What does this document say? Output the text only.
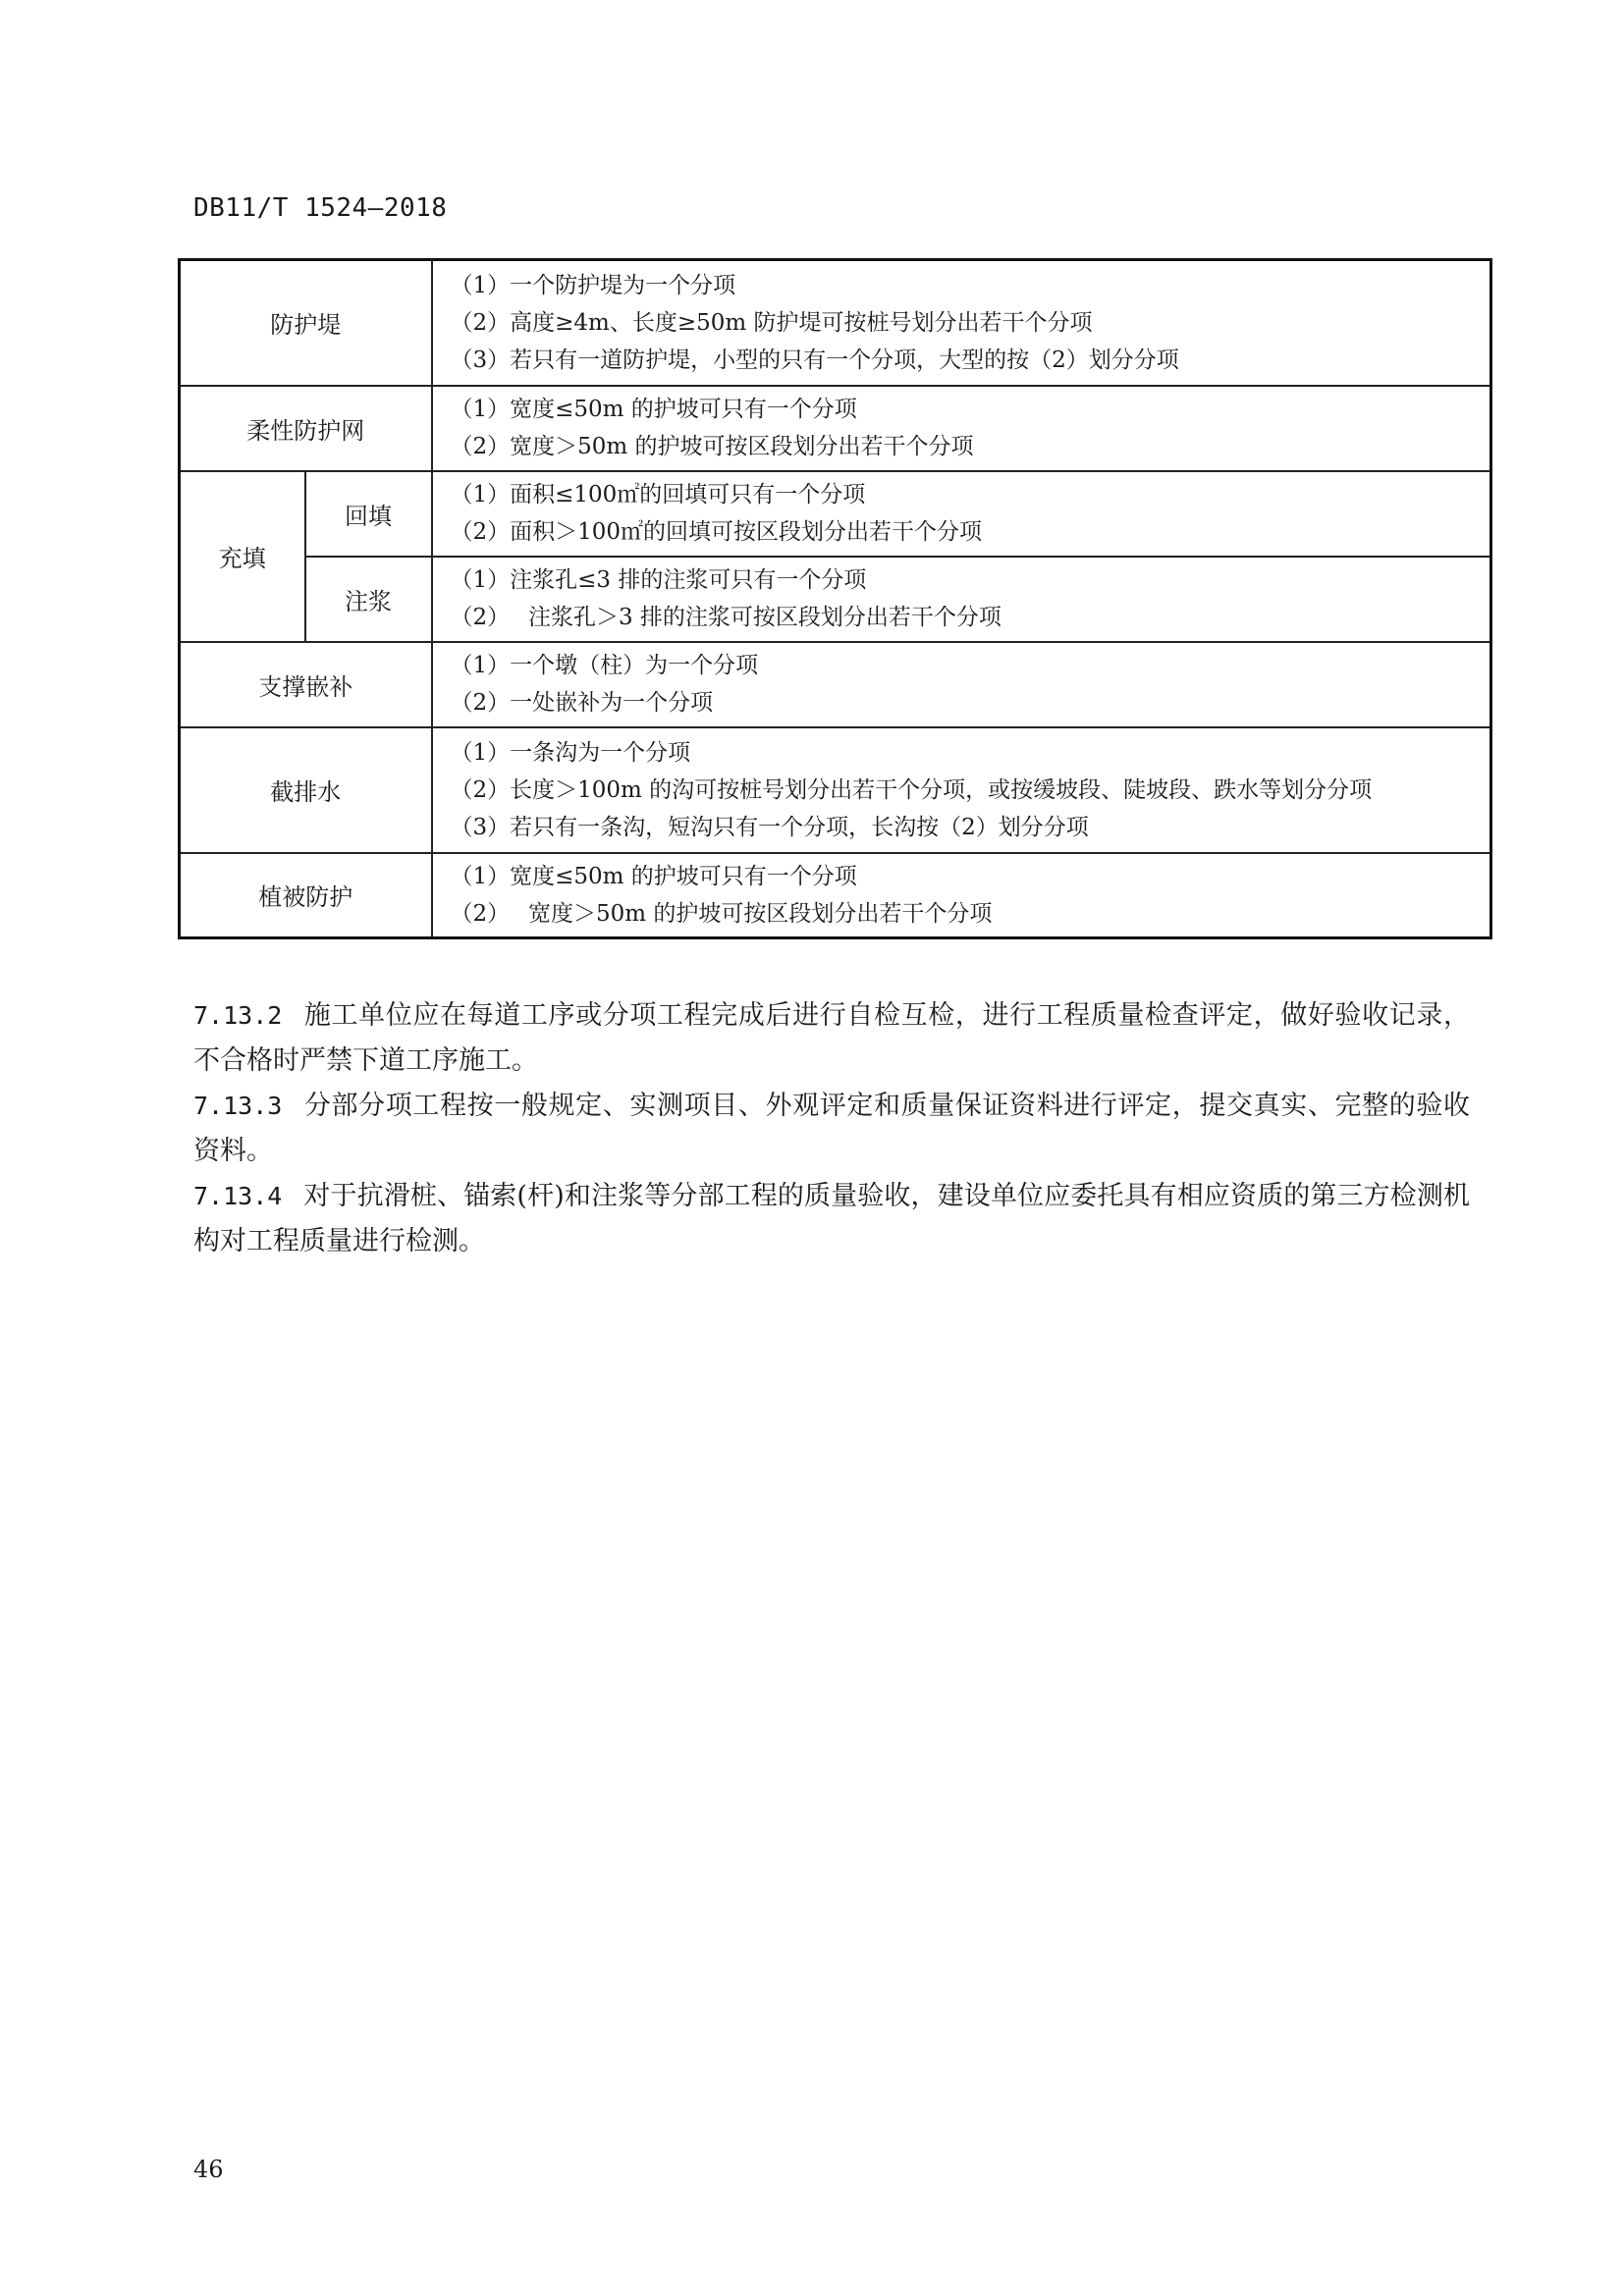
DB11/T 1524—2018
防护堤		（1）一个防护堤为一个分项
（2）高度≥4m、长度≥50m 防护堤可按桩号划分出若干个分项
（3）若只有一道防护堤，小型的只有一个分项，大型的按（2）划分分项

柔性防护网		（1）宽度≤50m 的护坡可只有一个分项
（2）宽度＞50m 的护坡可按区段划分出若干个分项

充填	回填	（1）面积≤100㎡的回填可只有一个分项
（2）面积＞100㎡的回填可按区段划分出若干个分项

	注浆	（1）注浆孔≤3 排的注浆可只有一个分项
（2）　 注浆孔＞3 排的注浆可按区段划分出若干个分项

支撑嵌补		（1）一个墩（柱）为一个分项
（2）一处嵌补为一个分项

截排水		（1）一条沟为一个分项
（2）长度＞100m 的沟可按桩号划分出若干个分项，或按缓坡段、陡坡段、跌水等划分分项
（3）若只有一条沟，短沟只有一个分项，长沟按（2）划分分项

植被防护		（1）宽度≤50m 的护坡可只有一个分项
（2）　 宽度＞50m 的护坡可按区段划分出若干个分项

7.13.2 施工单位应在每道工序或分项工程完成后进行自检互检，进行工程质量检查评定，做好验收记录，不合格时严禁下道工序施工。

7.13.3 分部分项工程按一般规定、实测项目、外观评定和质量保证资料进行评定，提交真实、完整的验收资料。

7.13.4 对于抗滑桩、锚索(杆)和注浆等分部工程的质量验收，建设单位应委托具有相应资质的第三方检测机构对工程质量进行检测。

46
